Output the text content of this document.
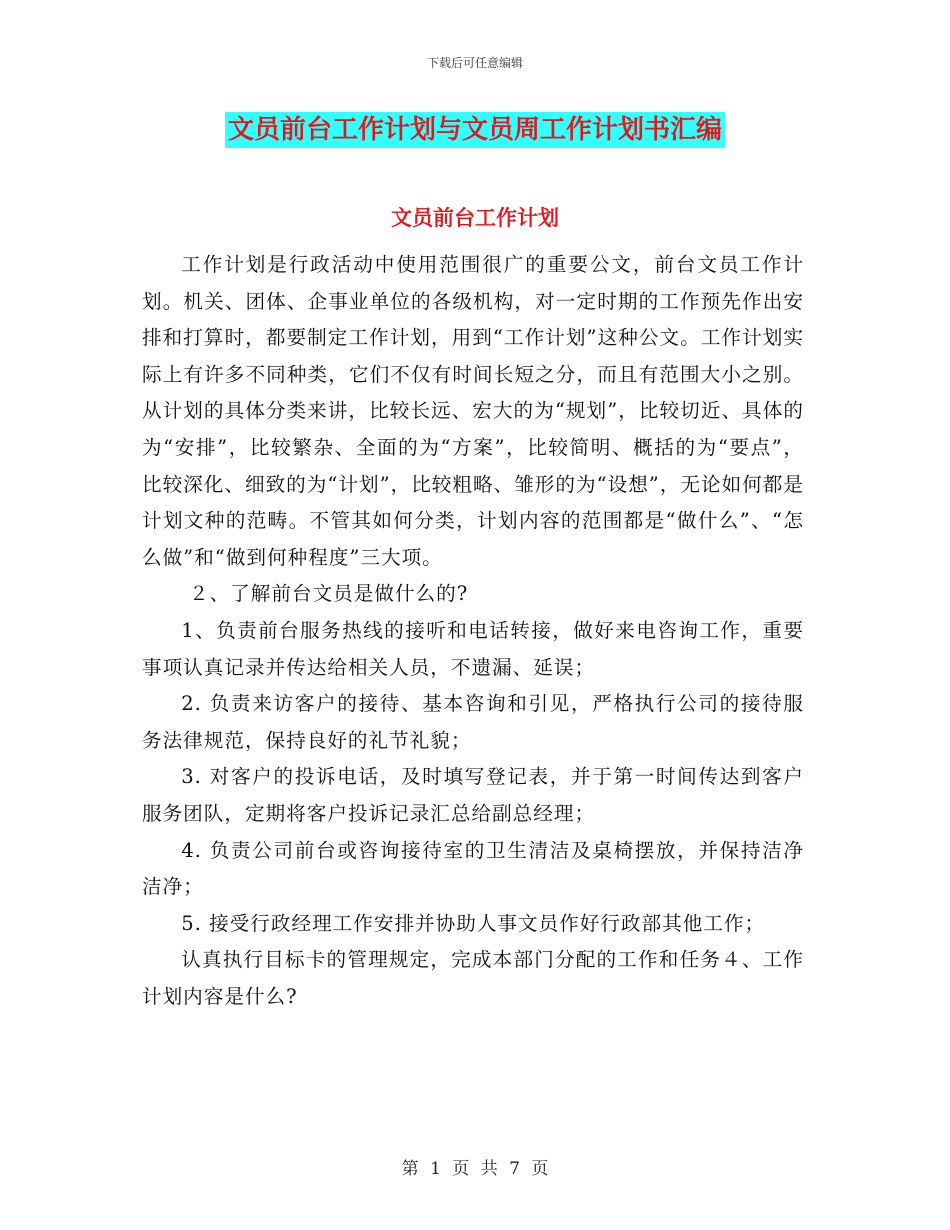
下载后可任意编辑
文员前台工作计划与文员周工作计划书汇编
文员前台工作计划

工作计划是行政活动中使用范围很广的重要公文，前台文员工作计划。机关、团体、企事业单位的各级机构，对一定时期的工作预先作出安排和打算时，都要制定工作计划，用到“工作计划”这种公文。工作计划实际上有许多不同种类，它们不仅有时间长短之分，而且有范围大小之别。从计划的具体分类来讲，比较长远、宏大的为“规划”，比较切近、具体的为“安排”，比较繁杂、全面的为“方案”，比较简明、概括的为“要点”，比较深化、细致的为“计划”，比较粗略、雏形的为“设想”，无论如何都是计划文种的范畴。不管其如何分类，计划内容的范围都是“做什么”、“怎么做”和“做到何种程度”三大项。

２、了解前台文员是做什么的?

1、负责前台服务热线的接听和电话转接，做好来电咨询工作，重要事项认真记录并传达给相关人员，不遗漏、延误；

2. 负责来访客户的接待、基本咨询和引见，严格执行公司的接待服务法律规范，保持良好的礼节礼貌；

3. 对客户的投诉电话，及时填写登记表，并于第一时间传达到客户服务团队，定期将客户投诉记录汇总给副总经理；

4. 负责公司前台或咨询接待室的卫生清洁及桌椅摆放，并保持洁净洁净；

5. 接受行政经理工作安排并协助人事文员作好行政部其他工作；

认真执行目标卡的管理规定，完成本部门分配的工作和任务４、工作计划内容是什么?

第 1 页 共 7 页
